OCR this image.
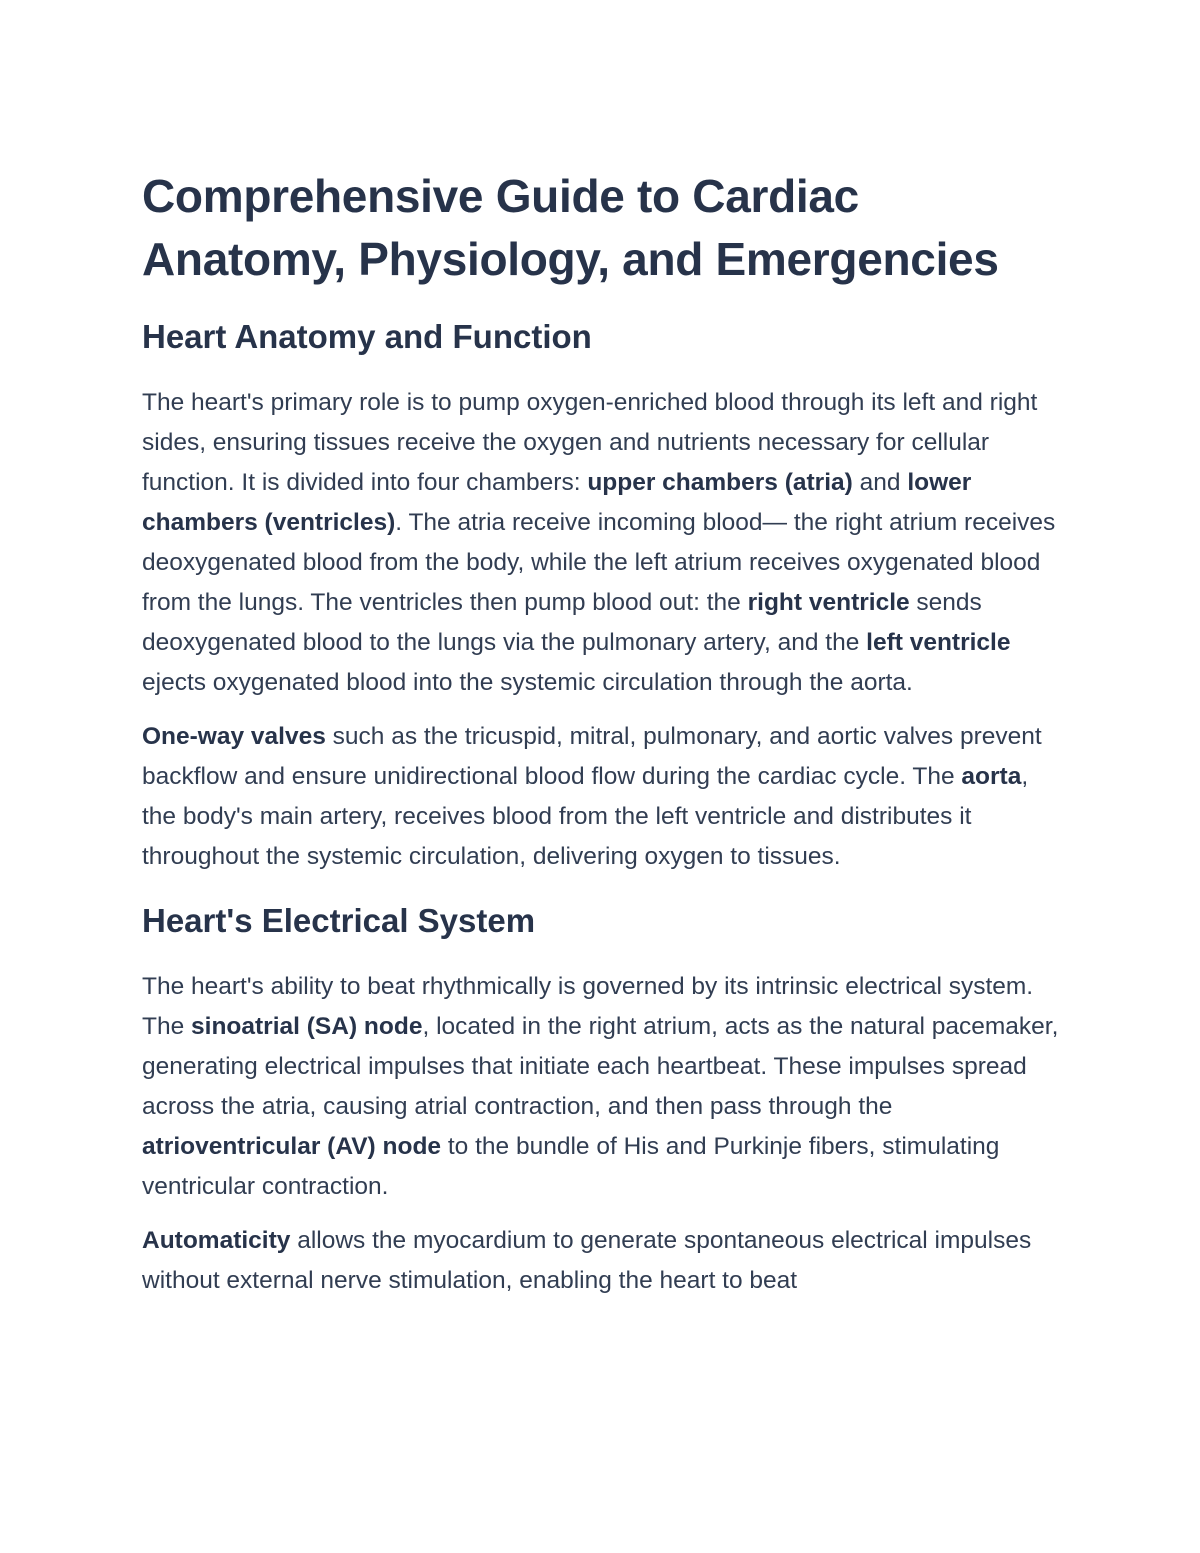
Comprehensive Guide to Cardiac Anatomy, Physiology, and Emergencies
Heart Anatomy and Function

The heart's primary role is to pump oxygen-enriched blood through its left and right sides, ensuring tissues receive the oxygen and nutrients necessary for cellular function. It is divided into four chambers: upper chambers (atria) and lower chambers (ventricles). The atria receive incoming blood— the right atrium receives deoxygenated blood from the body, while the left atrium receives oxygenated blood from the lungs. The ventricles then pump blood out: the right ventricle sends deoxygenated blood to the lungs via the pulmonary artery, and the left ventricle ejects oxygenated blood into the systemic circulation through the aorta.

One-way valves such as the tricuspid, mitral, pulmonary, and aortic valves prevent backflow and ensure unidirectional blood flow during the cardiac cycle. The aorta, the body's main artery, receives blood from the left ventricle and distributes it throughout the systemic circulation, delivering oxygen to tissues.

Heart's Electrical System

The heart's ability to beat rhythmically is governed by its intrinsic electrical system. The sinoatrial (SA) node, located in the right atrium, acts as the natural pacemaker, generating electrical impulses that initiate each heartbeat. These impulses spread across the atria, causing atrial contraction, and then pass through the atrioventricular (AV) node to the bundle of His and Purkinje fibers, stimulating ventricular contraction.

Automaticity allows the myocardium to generate spontaneous electrical impulses without external nerve stimulation, enabling the heart to beat
